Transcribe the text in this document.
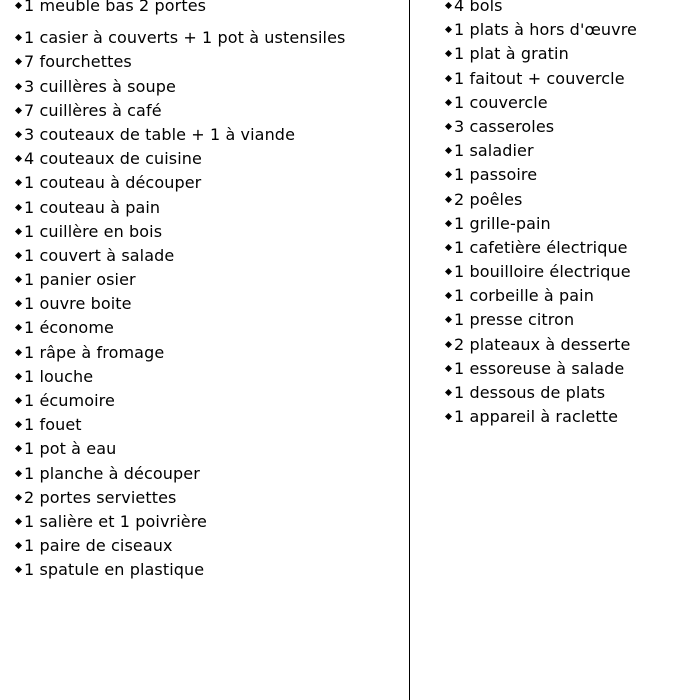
1 meuble bas 2 portes
1 casier à couverts + 1 pot à ustensiles
7 fourchettes
3 cuillères à soupe
7 cuillères à café
3 couteaux de table + 1 à viande
4 couteaux de cuisine
1 couteau à découper
1 couteau à pain
1 cuillère en bois
1 couvert à salade
1 panier osier
1 ouvre boite
1 économe
1 râpe à fromage
1 louche
1 écumoire
1 fouet
1 pot à eau
1 planche à découper
2 portes serviettes
1 salière et 1 poivrière
1 paire de ciseaux
1 spatule en plastique
4 bols
1 plats à hors d'œuvre
1 plat à gratin
1 faitout + couvercle
1 couvercle
3 casseroles
1 saladier
1 passoire
2 poêles
1 grille-pain
1 cafetière électrique
1 bouilloire électrique
1 corbeille à pain
1 presse citron
2 plateaux à desserte
1 essoreuse à salade
1 dessous de plats
1 appareil à raclette
